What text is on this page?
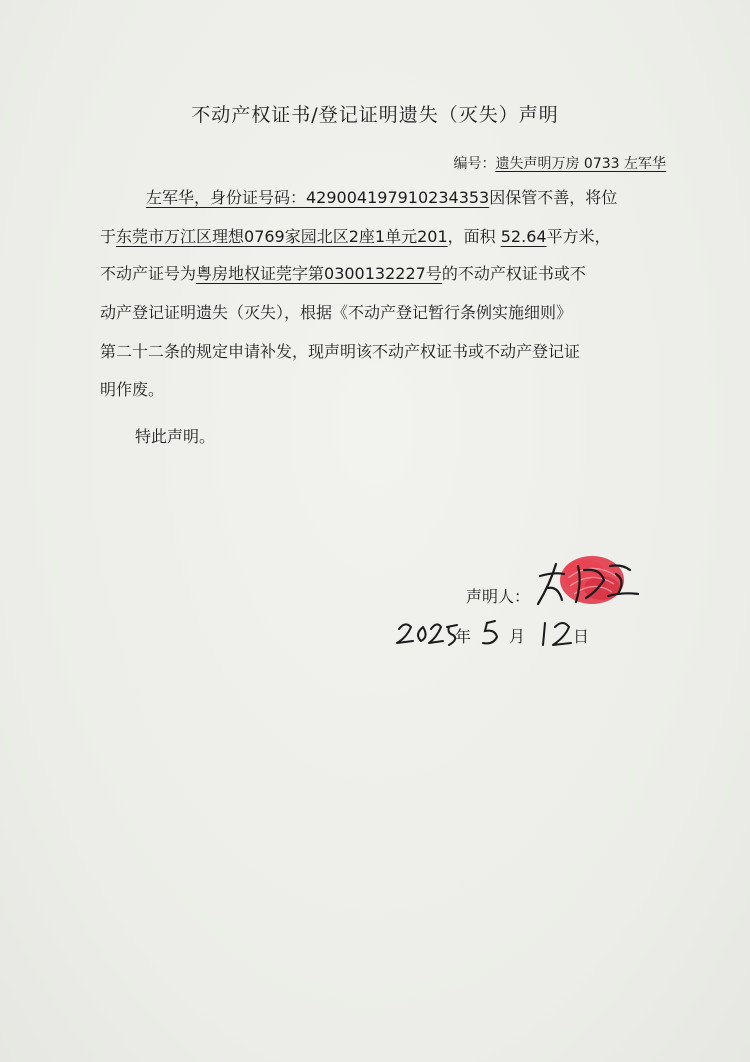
不动产权证书/登记证明遗失（灭失）声明
编号：遗失声明万房 0733 左军华
左军华，身份证号码：429004197910234353因保管不善，将位
于东莞市万江区理想0769家园北区2座1单元201，面积 52.64平方米，
不动产证号为粤房地权证莞字第0300132227号的不动产权证书或不
动产登记证明遗失（灭失），根据《不动产登记暂行条例实施细则》
第二十二条的规定申请补发，现声明该不动产权证书或不动产登记证
明作废。
特此声明。
声明人：
年 月	日
